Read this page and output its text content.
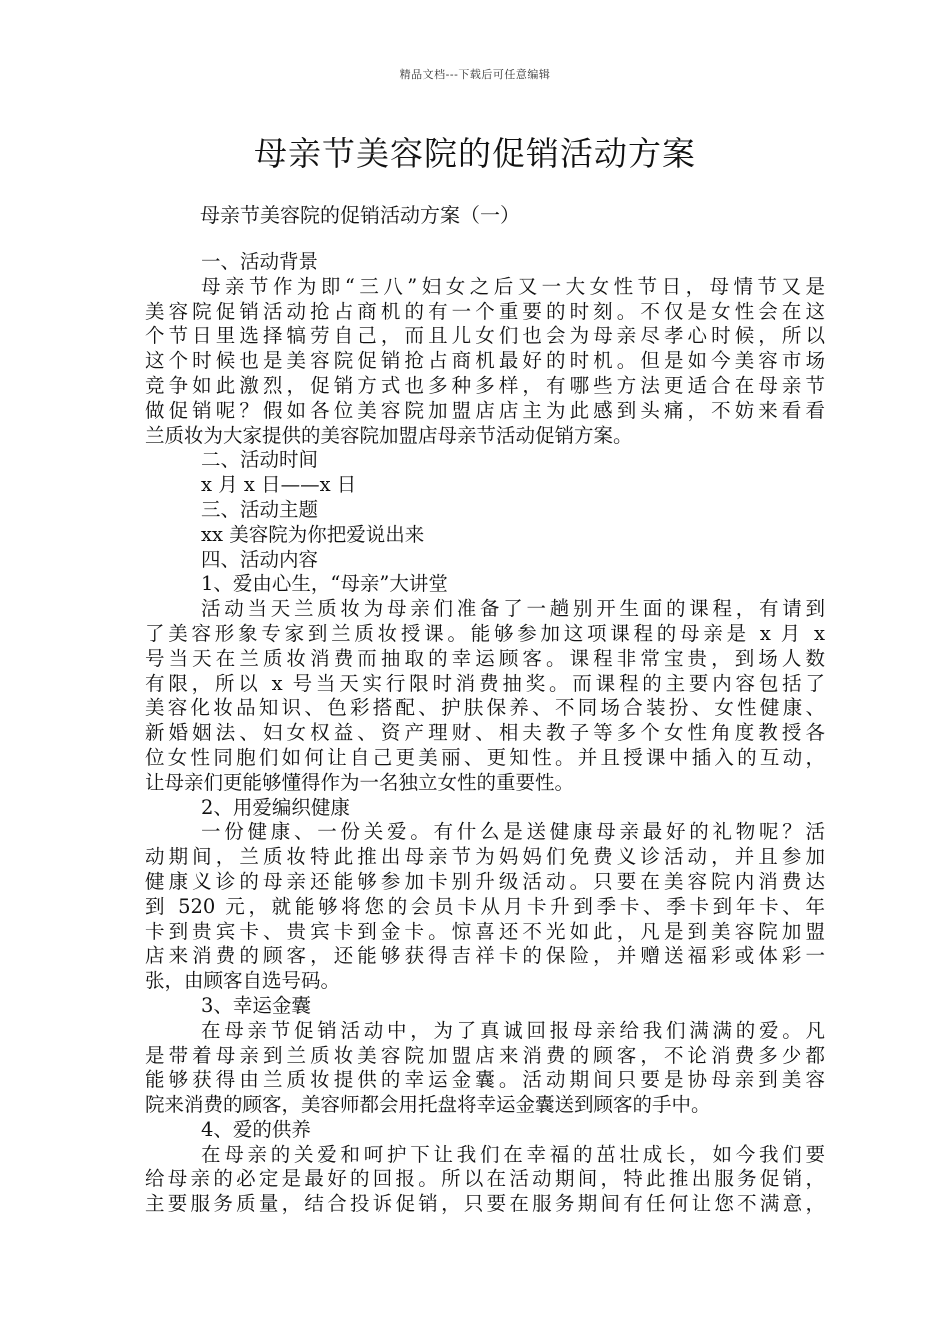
精品文档---下载后可任意编辑
母亲节美容院的促销活动方案
母亲节美容院的促销活动方案（一）
一、活动背景
母亲节作为即“三八”妇女之后又一大女性节日，母情节又是
美容院促销活动抢占商机的有一个重要的时刻。不仅是女性会在这
个节日里选择犒劳自己，而且儿女们也会为母亲尽孝心时候，所以
这个时候也是美容院促销抢占商机最好的时机。但是如今美容市场
竞争如此激烈，促销方式也多种多样，有哪些方法更适合在母亲节
做促销呢？假如各位美容院加盟店店主为此感到头痛，不妨来看看
兰质妆为大家提供的美容院加盟店母亲节活动促销方案。
二、活动时间
x 月 x 日——x 日
三、活动主题
xx 美容院为你把爱说出来
四、活动内容
1、爱由心生，“母亲”大讲堂
活动当天兰质妆为母亲们准备了一趟别开生面的课程，有请到
了美容形象专家到兰质妆授课。能够参加这项课程的母亲是 x 月 x
号当天在兰质妆消费而抽取的幸运顾客。课程非常宝贵，到场人数
有限，所以 x 号当天实行限时消费抽奖。而课程的主要内容包括了
美容化妆品知识、色彩搭配、护肤保养、不同场合装扮、女性健康、
新婚姻法、妇女权益、资产理财、相夫教子等多个女性角度教授各
位女性同胞们如何让自己更美丽、更知性。并且授课中插入的互动，
让母亲们更能够懂得作为一名独立女性的重要性。
2、用爱编织健康
一份健康、一份关爱。有什么是送健康母亲最好的礼物呢？活
动期间，兰质妆特此推出母亲节为妈妈们免费义诊活动，并且参加
健康义诊的母亲还能够参加卡别升级活动。只要在美容院内消费达
到 520 元，就能够将您的会员卡从月卡升到季卡、季卡到年卡、年
卡到贵宾卡、贵宾卡到金卡。惊喜还不光如此，凡是到美容院加盟
店来消费的顾客，还能够获得吉祥卡的保险，并赠送福彩或体彩一
张，由顾客自选号码。
3、幸运金囊
在母亲节促销活动中，为了真诚回报母亲给我们满满的爱。凡
是带着母亲到兰质妆美容院加盟店来消费的顾客，不论消费多少都
能够获得由兰质妆提供的幸运金囊。活动期间只要是协母亲到美容
院来消费的顾客，美容师都会用托盘将幸运金囊送到顾客的手中。
4、爱的供养
在母亲的关爱和呵护下让我们在幸福的茁壮成长，如今我们要
给母亲的必定是最好的回报。所以在活动期间，特此推出服务促销，
主要服务质量，结合投诉促销，只要在服务期间有任何让您不满意，
